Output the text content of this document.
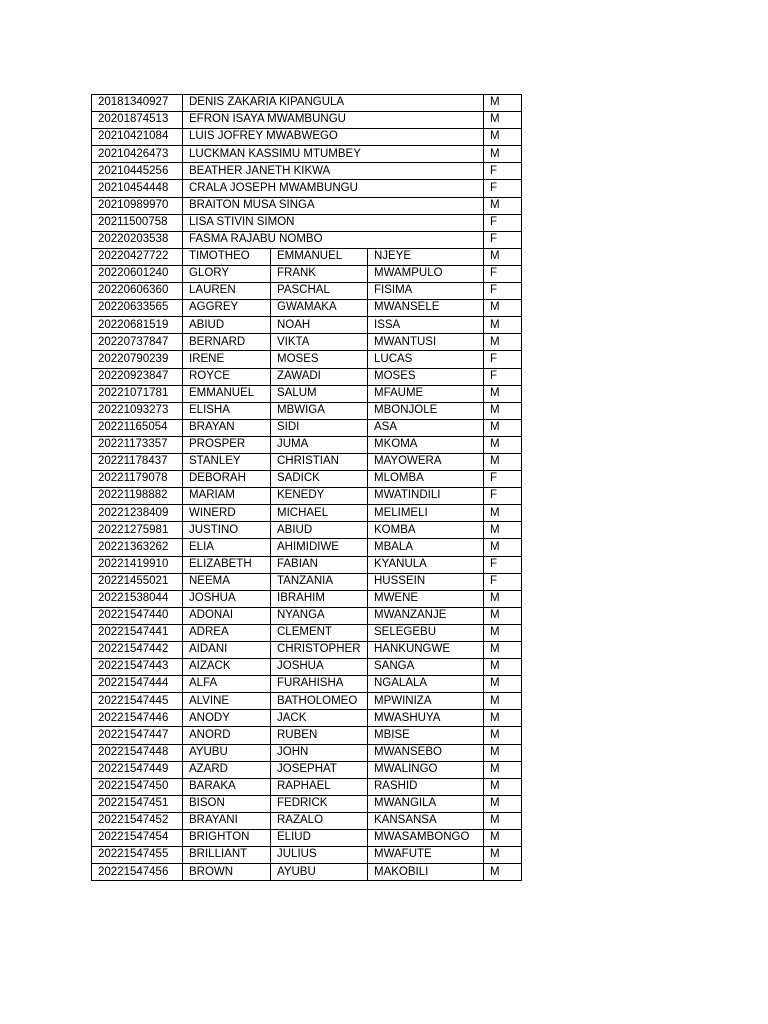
20181340927	DENIS ZAKARIA KIPANGULA			M
20201874513	EFRON ISAYA MWAMBUNGU			M
20210421084	LUIS JOFREY MWABWEGO			M
20210426473	LUCKMAN KASSIMU MTUMBEY			M
20210445256	BEATHER JANETH KIKWA			F
20210454448	CRALA JOSEPH MWAMBUNGU			F
20210989970	BRAITON MUSA SINGA			M
20211500758	LISA STIVIN SIMON			F
20220203538	FASMA RAJABU NOMBO			F
20220427722	TIMOTHEO	EMMANUEL	NJEYE	M
20220601240	GLORY	FRANK	MWAMPULO	F
20220606360	LAUREN	PASCHAL	FISIMA	F
20220633565	AGGREY	GWAMAKA	MWANSELE	M
20220681519	ABIUD	NOAH	ISSA	M
20220737847	BERNARD	VIKTA	MWANTUSI	M
20220790239	IRENE	MOSES	LUCAS	F
20220923847	ROYCE	ZAWADI	MOSES	F
20221071781	EMMANUEL	SALUM	MFAUME	M
20221093273	ELISHA	MBWIGA	MBONJOLE	M
20221165054	BRAYAN	SIDI	ASA	M
20221173357	PROSPER	JUMA	MKOMA	M
20221178437	STANLEY	CHRISTIAN	MAYOWERA	M
20221179078	DEBORAH	SADICK	MLOMBA	F
20221198882	MARIAM	KENEDY	MWATINDILI	F
20221238409	WINERD	MICHAEL	MELIMELI	M
20221275981	JUSTINO	ABIUD	KOMBA	M
20221363262	ELIA	AHIMIDIWE	MBALA	M
20221419910	ELIZABETH	FABIAN	KYANULA	F
20221455021	NEEMA	TANZANIA	HUSSEIN	F
20221538044	JOSHUA	IBRAHIM	MWENE	M
20221547440	ADONAI	NYANGA	MWANZANJE	M
20221547441	ADREA	CLEMENT	SELEGEBU	M
20221547442	AIDANI	CHRISTOPHER	HANKUNGWE	M
20221547443	AIZACK	JOSHUA	SANGA	M
20221547444	ALFA	FURAHISHA	NGALALA	M
20221547445	ALVINE	BATHOLOMEO	MPWINIZA	M
20221547446	ANODY	JACK	MWASHUYA	M
20221547447	ANORD	RUBEN	MBISE	M
20221547448	AYUBU	JOHN	MWANSEBO	M
20221547449	AZARD	JOSEPHAT	MWALINGO	M
20221547450	BARAKA	RAPHAEL	RASHID	M
20221547451	BISON	FEDRICK	MWANGILA	M
20221547452	BRAYANI	RAZALO	KANSANSA	M
20221547454	BRIGHTON	ELIUD	MWASAMBONGO	M
20221547455	BRILLIANT	JULIUS	MWAFUTE	M
20221547456	BROWN	AYUBU	MAKOBILI	M
